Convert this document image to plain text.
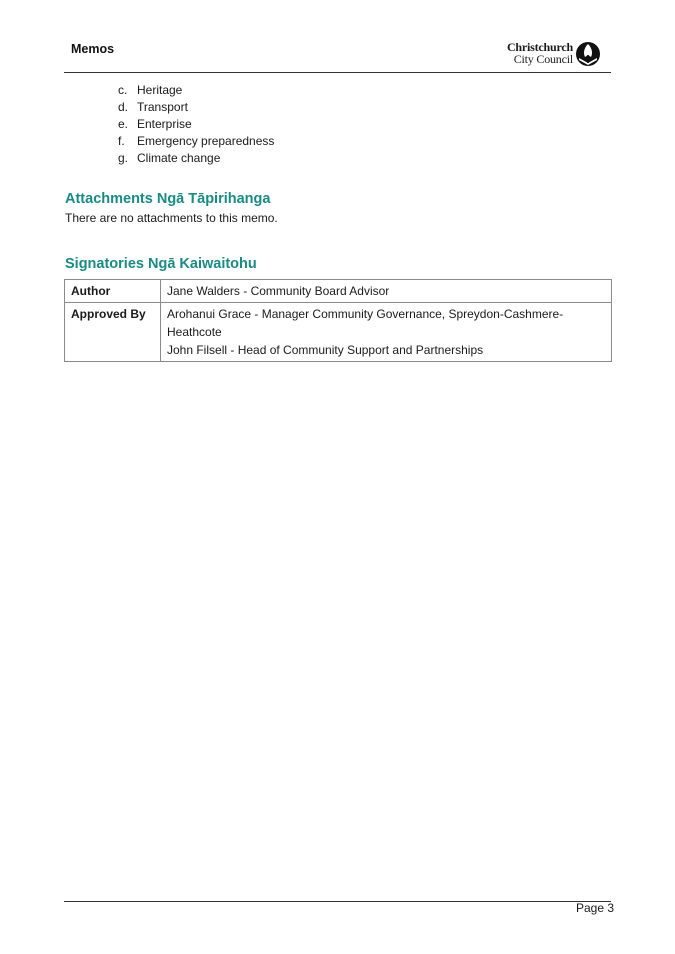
Memos	Christchurch
City Council
c. Heritage
d. Transport
e. Enterprise
f. Emergency preparedness
g. Climate change
Attachments Ngā Tāpirihanga
There are no attachments to this memo.
Signatories Ngā Kaiwaitohu
Author	Jane Walders - Community Board Advisor

Approved By	Arohanui Grace - Manager Community Governance, Spreydon-Cashmere-Heathcote
John Filsell - Head of Community Support and Partnerships
Page 3
